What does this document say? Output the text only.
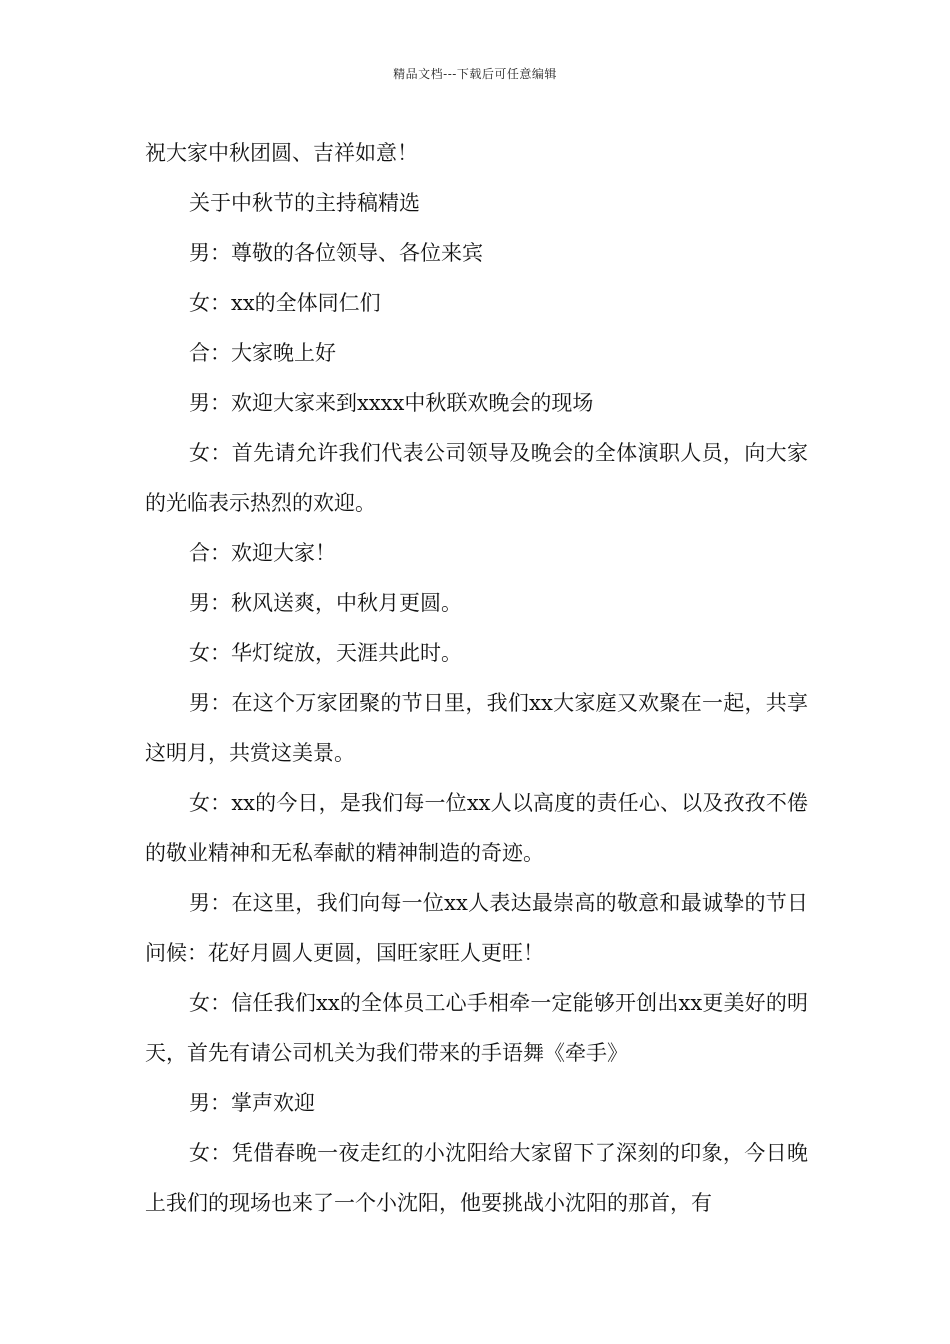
精品文档---下载后可任意编辑

祝大家中秋团圆、吉祥如意！

关于中秋节的主持稿精选

男：尊敬的各位领导、各位来宾

女：xx的全体同仁们

合：大家晚上好

男：欢迎大家来到xxxx中秋联欢晚会的现场

女：首先请允许我们代表公司领导及晚会的全体演职人员，向大家的光临表示热烈的欢迎。

合：欢迎大家！

男：秋风送爽，中秋月更圆。

女：华灯绽放，天涯共此时。

男：在这个万家团聚的节日里，我们xx大家庭又欢聚在一起，共享这明月，共赏这美景。

女：xx的今日，是我们每一位xx人以高度的责任心、以及孜孜不倦的敬业精神和无私奉献的精神制造的奇迹。

男：在这里，我们向每一位xx人表达最崇高的敬意和最诚挚的节日问候：花好月圆人更圆，国旺家旺人更旺！

女：信任我们xx的全体员工心手相牵一定能够开创出xx更美好的明天，首先有请公司机关为我们带来的手语舞《牵手》

男：掌声欢迎

女：凭借春晚一夜走红的小沈阳给大家留下了深刻的印象，今日晚上我们的现场也来了一个小沈阳，他要挑战小沈阳的那首，有
